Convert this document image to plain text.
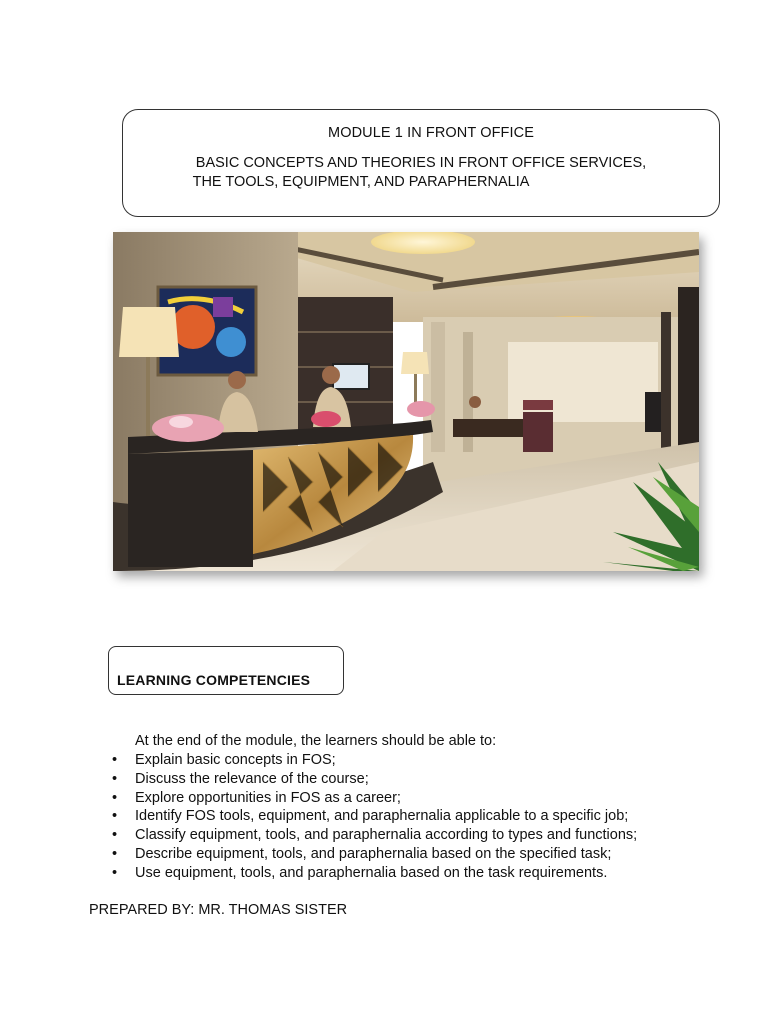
MODULE 1 IN FRONT OFFICE
BASIC CONCEPTS AND THEORIES IN FRONT OFFICE SERVICES,
THE TOOLS, EQUIPMENT, AND PARAPHERNALIA
LEARNING COMPETENCIES
At the end of the module, the learners should be able to:
• Explain basic concepts in FOS;
• Discuss the relevance of the course;
• Explore opportunities in FOS as a career;
• Identify FOS tools, equipment, and paraphernalia applicable to a specific job;
• Classify equipment, tools, and paraphernalia according to types and functions;
• Describe equipment, tools, and paraphernalia based on the specified task;
• Use equipment, tools, and paraphernalia based on the task requirements.
PREPARED BY: MR. THOMAS SISTER
